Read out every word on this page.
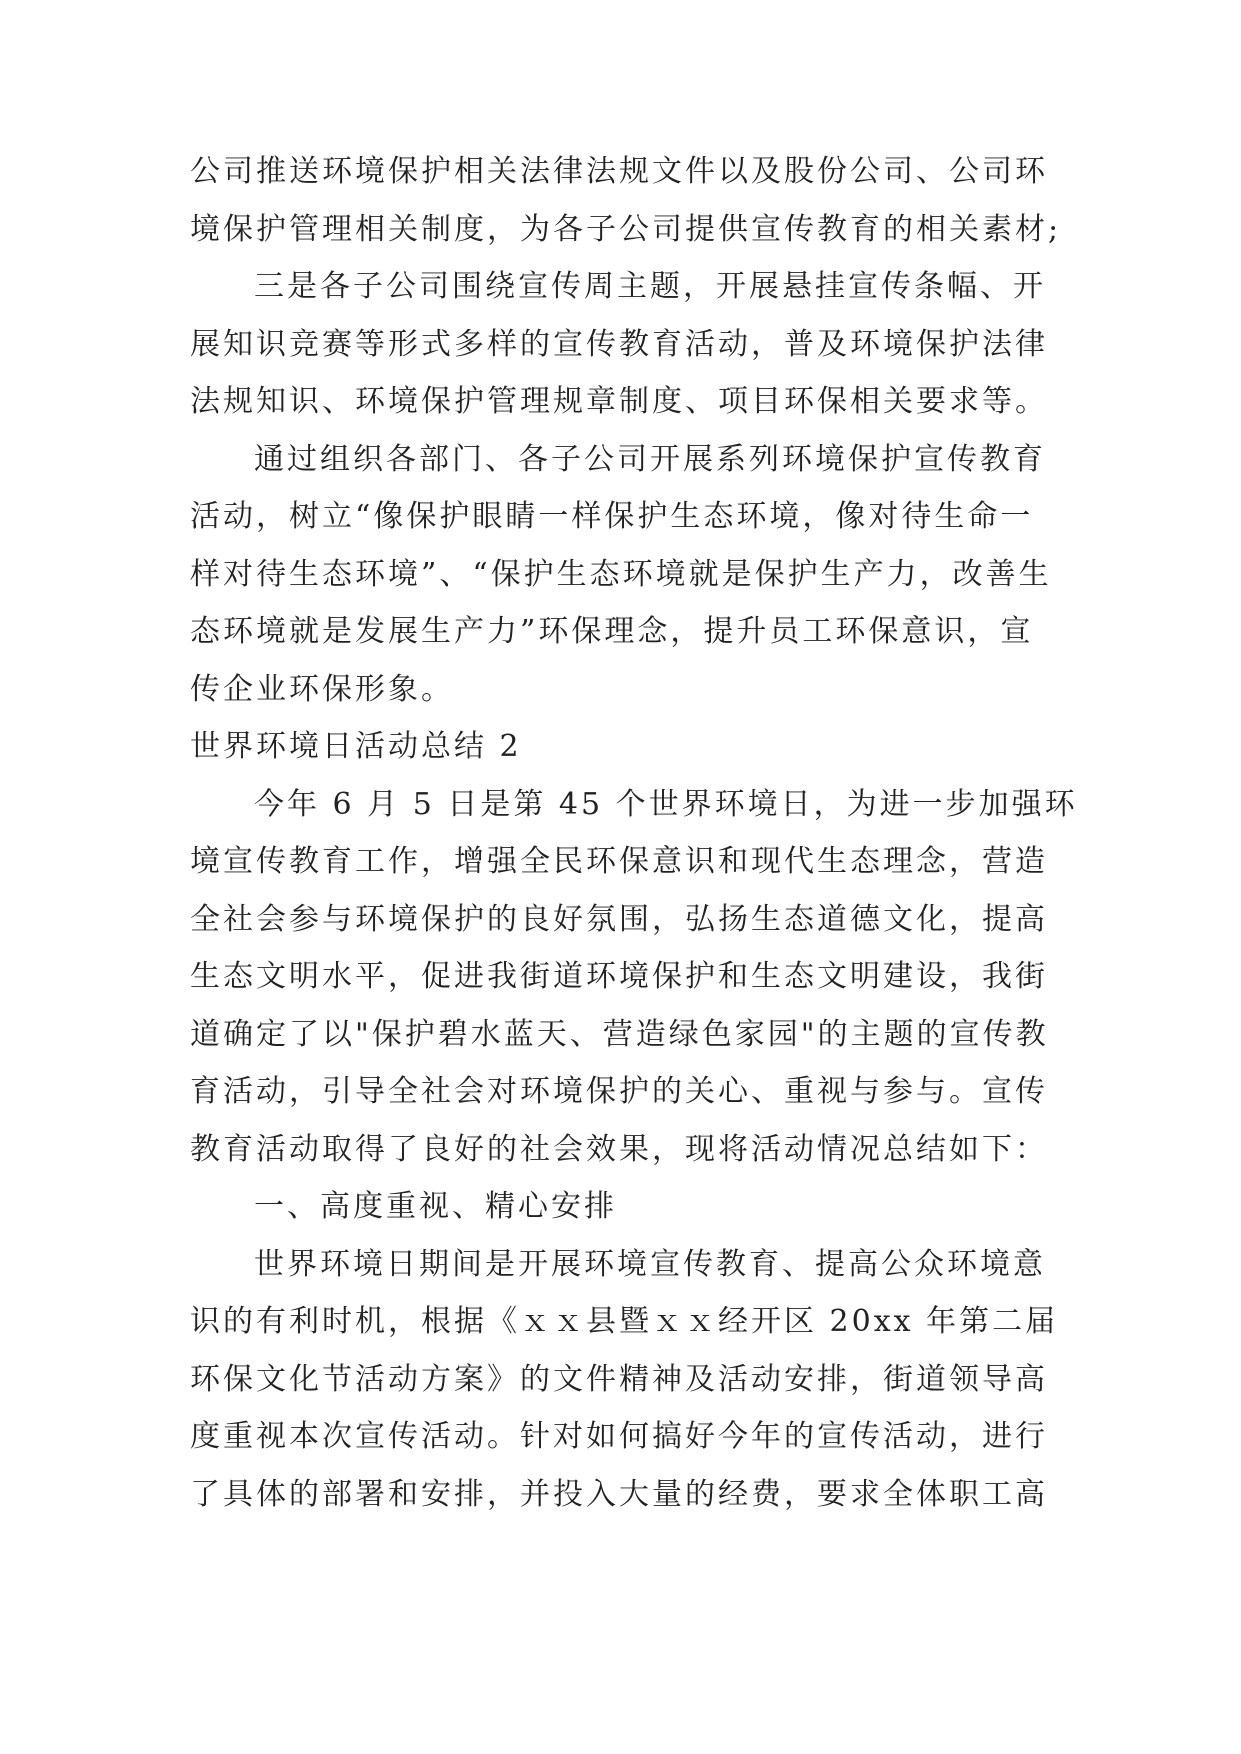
公司推送环境保护相关法律法规文件以及股份公司、公司环
境保护管理相关制度，为各子公司提供宣传教育的相关素材;
三是各子公司围绕宣传周主题，开展悬挂宣传条幅、开
展知识竞赛等形式多样的宣传教育活动，普及环境保护法律
法规知识、环境保护管理规章制度、项目环保相关要求等。
通过组织各部门、各子公司开展系列环境保护宣传教育
活动，树立“像保护眼睛一样保护生态环境，像对待生命一
样对待生态环境”、“保护生态环境就是保护生产力，改善生
态环境就是发展生产力”环保理念，提升员工环保意识，宣
传企业环保形象。
世界环境日活动总结 2
今年 6 月 5 日是第 45 个世界环境日，为进一步加强环
境宣传教育工作，增强全民环保意识和现代生态理念，营造
全社会参与环境保护的良好氛围，弘扬生态道德文化，提高
生态文明水平，促进我街道环境保护和生态文明建设，我街
道确定了以"保护碧水蓝天、营造绿色家园"的主题的宣传教
育活动，引导全社会对环境保护的关心、重视与参与。宣传
教育活动取得了良好的社会效果，现将活动情况总结如下：
一、高度重视、精心安排
世界环境日期间是开展环境宣传教育、提高公众环境意
识的有利时机，根据《ｘｘ县暨ｘｘ经开区 20xx 年第二届
环保文化节活动方案》的文件精神及活动安排，街道领导高
度重视本次宣传活动。针对如何搞好今年的宣传活动，进行
了具体的部署和安排，并投入大量的经费，要求全体职工高
